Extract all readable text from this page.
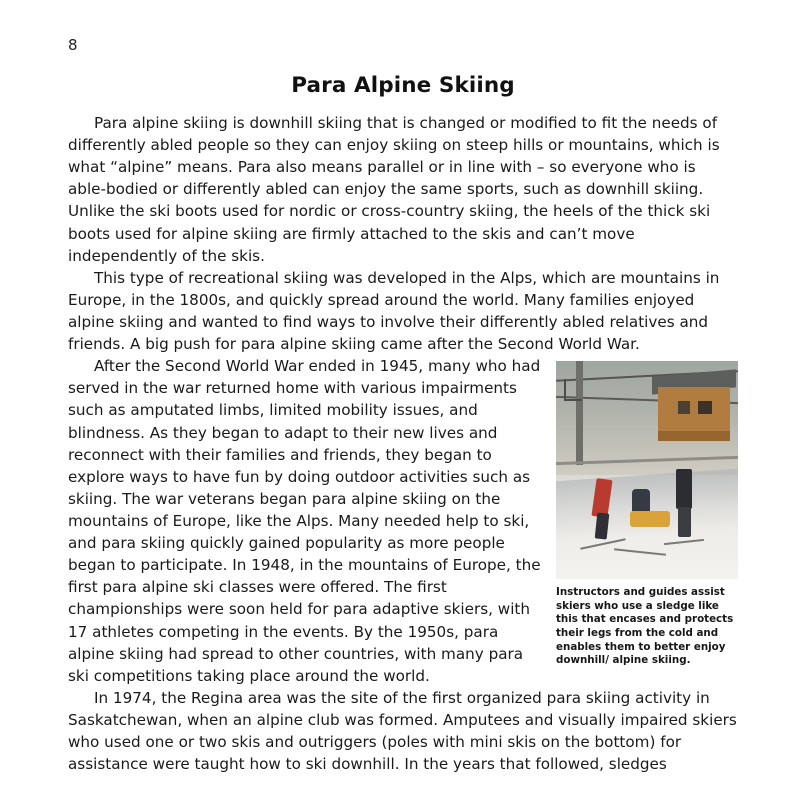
8
Para Alpine Skiing

Para alpine skiing is downhill skiing that is changed or modified to fit the needs of differently abled people so they can enjoy skiing on steep hills or mountains, which is what “alpine” means. Para also means parallel or in line with – so everyone who is able-bodied or differently abled can enjoy the same sports, such as downhill skiing. Unlike the ski boots used for nordic or cross-country skiing, the heels of the thick ski boots used for alpine skiing are firmly attached to the skis and can’t move independently of the skis.

This type of recreational skiing was developed in the Alps, which are mountains in Europe, in the 1800s, and quickly spread around the world. Many families enjoyed alpine skiing and wanted to find ways to involve their differently abled relatives and friends. A big push for para alpine skiing came after the Second World War.

Instructors and guides assist skiers who use a sledge like this that encases and protects their legs from the cold and enables them to better enjoy downhill/ alpine skiing.

After the Second World War ended in 1945, many who had served in the war returned home with various impairments such as amputated limbs, limited mobility issues, and blindness. As they began to adapt to their new lives and reconnect with their families and friends, they began to explore ways to have fun by doing outdoor activities such as skiing. The war veterans began para alpine skiing on the mountains of Europe, like the Alps. Many needed help to ski, and para skiing quickly gained popularity as more people began to participate. In 1948, in the mountains of Europe, the first para alpine ski classes were offered. The first championships were soon held for para adaptive skiers, with 17 athletes competing in the events. By the 1950s, para alpine skiing had spread to other countries, with many para ski competitions taking place around the world.

In 1974, the Regina area was the site of the first organized para skiing activity in Saskatchewan, when an alpine club was formed. Amputees and visually impaired skiers who used one or two skis and outriggers (poles with mini skis on the bottom) for assistance were taught how to ski downhill. In the years that followed, sledges
